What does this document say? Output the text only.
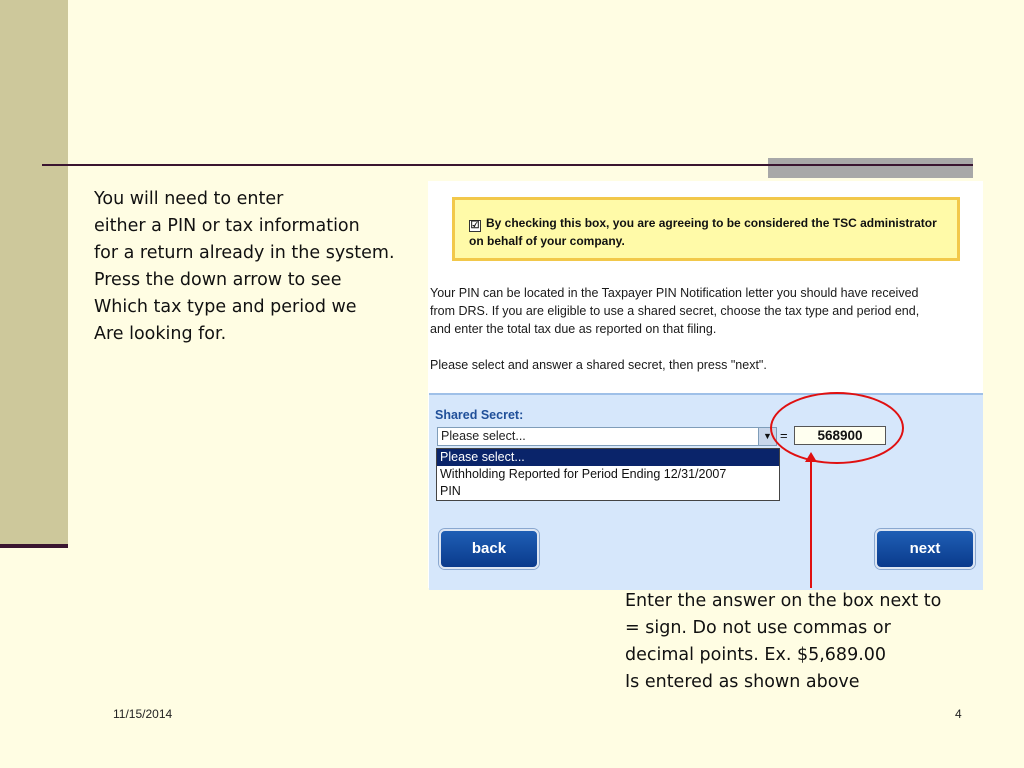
You will need to enter
either a PIN or tax information
for a return already in the system.
Press the down arrow to see
Which tax type and period we
Are looking for.
☑ By checking this box, you are agreeing to be considered the TSC administrator on behalf of your company.
Your PIN can be located in the Taxpayer PIN Notification letter you should have received
from DRS. If you are eligible to use a shared secret, choose the tax type and period end,
and enter the total tax due as reported on that filing.
Please select and answer a shared secret, then press "next".
Shared Secret:
Please select...	▼ =	568900
Please select...
Withholding Reported for Period Ending 12/31/2007
PIN
back	next
Enter the answer on the box next to
= sign. Do not use commas or
decimal points. Ex. $5,689.00
Is entered as shown above
11/15/2014	4
